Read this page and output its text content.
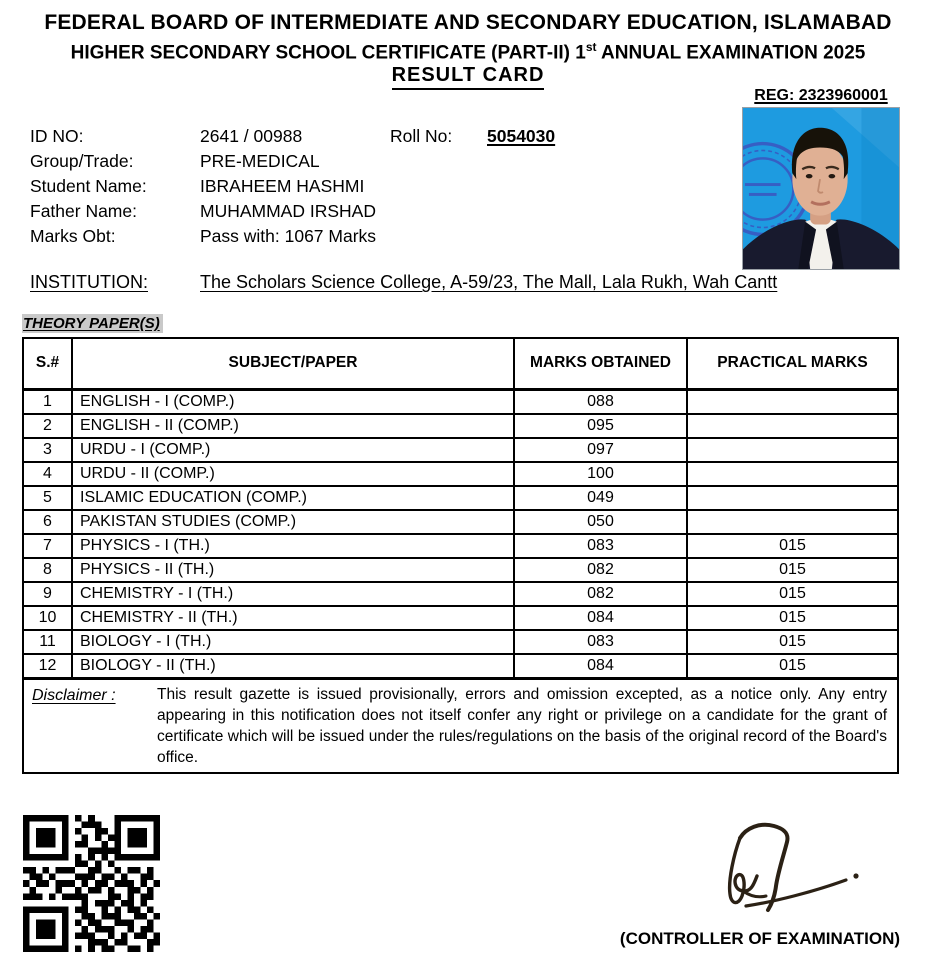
FEDERAL BOARD OF INTERMEDIATE AND SECONDARY EDUCATION, ISLAMABAD
HIGHER SECONDARY SCHOOL CERTIFICATE (PART-II) 1st ANNUAL EXAMINATION 2025
RESULT CARD
REG: 2323960001
ID NO:	2641 / 00988	Roll No: 5054030
Group/Trade:	PRE-MEDICAL
Student Name:	IBRAHEEM HASHMI
Father Name:	MUHAMMAD IRSHAD
Marks Obt:	Pass with: 1067 Marks
INSTITUTION:	The Scholars Science College, A-59/23, The Mall, Lala Rukh, Wah Cantt
THEORY PAPER(S)
S.#	SUBJECT/PAPER	MARKS OBTAINED	PRACTICAL MARKS
1	ENGLISH - I (COMP.)	088	
2	ENGLISH - II (COMP.)	095	
3	URDU - I (COMP.)	097	
4	URDU - II (COMP.)	100	
5	ISLAMIC EDUCATION (COMP.)	049	
6	PAKISTAN STUDIES (COMP.)	050	
7	PHYSICS - I (TH.)	083	015
8	PHYSICS - II (TH.)	082	015
9	CHEMISTRY - I (TH.)	082	015
10	CHEMISTRY - II (TH.)	084	015
11	BIOLOGY - I (TH.)	083	015
12	BIOLOGY - II (TH.)	084	015

Disclaimer : This result gazette is issued provisionally, errors and omission excepted, as a notice only. Any entry appearing in this notification does not itself confer any right or privilege on a candidate for the grant of certificate which will be issued under the rules/regulations on the basis of the original record of the Board's office.			
(CONTROLLER OF EXAMINATION)
